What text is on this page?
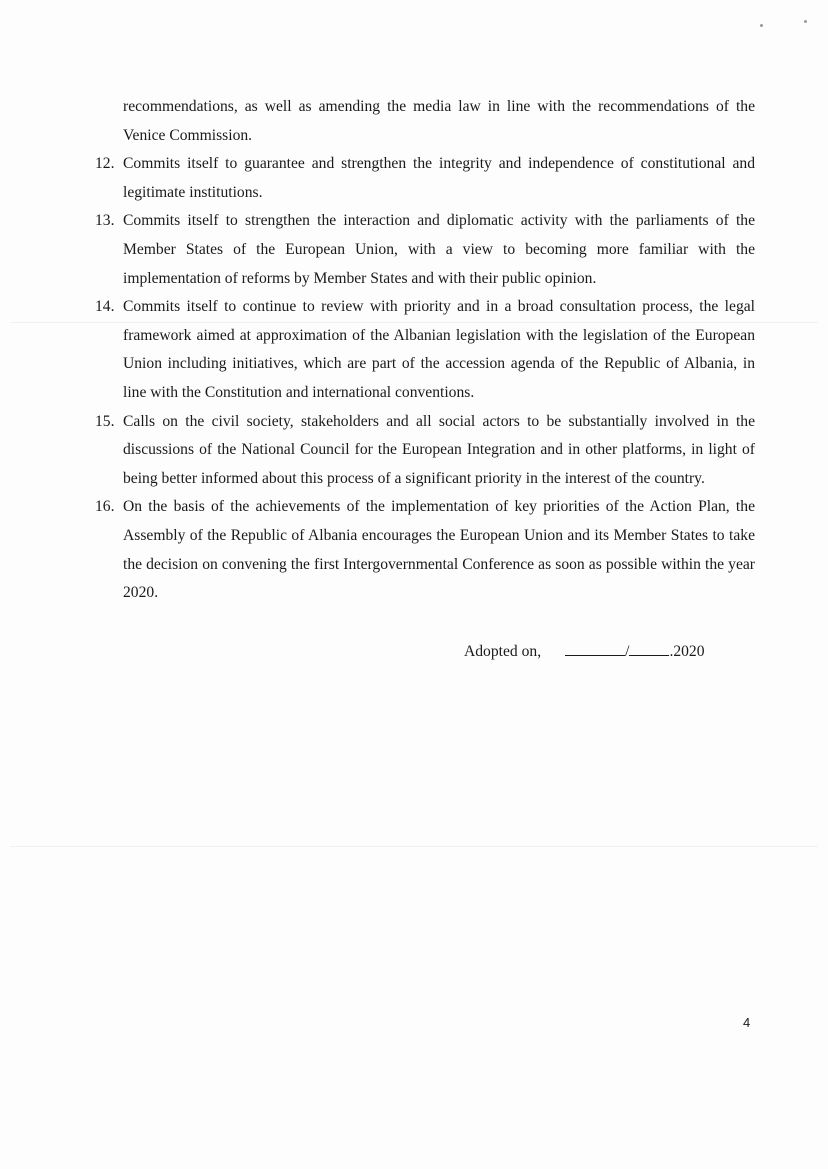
recommendations, as well as amending the media law in line with the recommendations of the Venice Commission.

12. Commits itself to guarantee and strengthen the integrity and independence of constitutional and legitimate institutions.
13. Commits itself to strengthen the interaction and diplomatic activity with the parliaments of the Member States of the European Union, with a view to becoming more familiar with the implementation of reforms by Member States and with their public opinion.
14. Commits itself to continue to review with priority and in a broad consultation process, the legal framework aimed at approximation of the Albanian legislation with the legislation of the European Union including initiatives, which are part of the accession agenda of the Republic of Albania, in line with the Constitution and international conventions.
15. Calls on the civil society, stakeholders and all social actors to be substantially involved in the discussions of the National Council for the European Integration and in other platforms, in light of being better informed about this process of a significant priority in the interest of the country.
16. On the basis of the achievements of the implementation of key priorities of the Action Plan, the Assembly of the Republic of Albania encourages the European Union and its Member States to take the decision on convening the first Intergovernmental Conference as soon as possible within the year 2020.
Adopted on,	/	.2020
4
